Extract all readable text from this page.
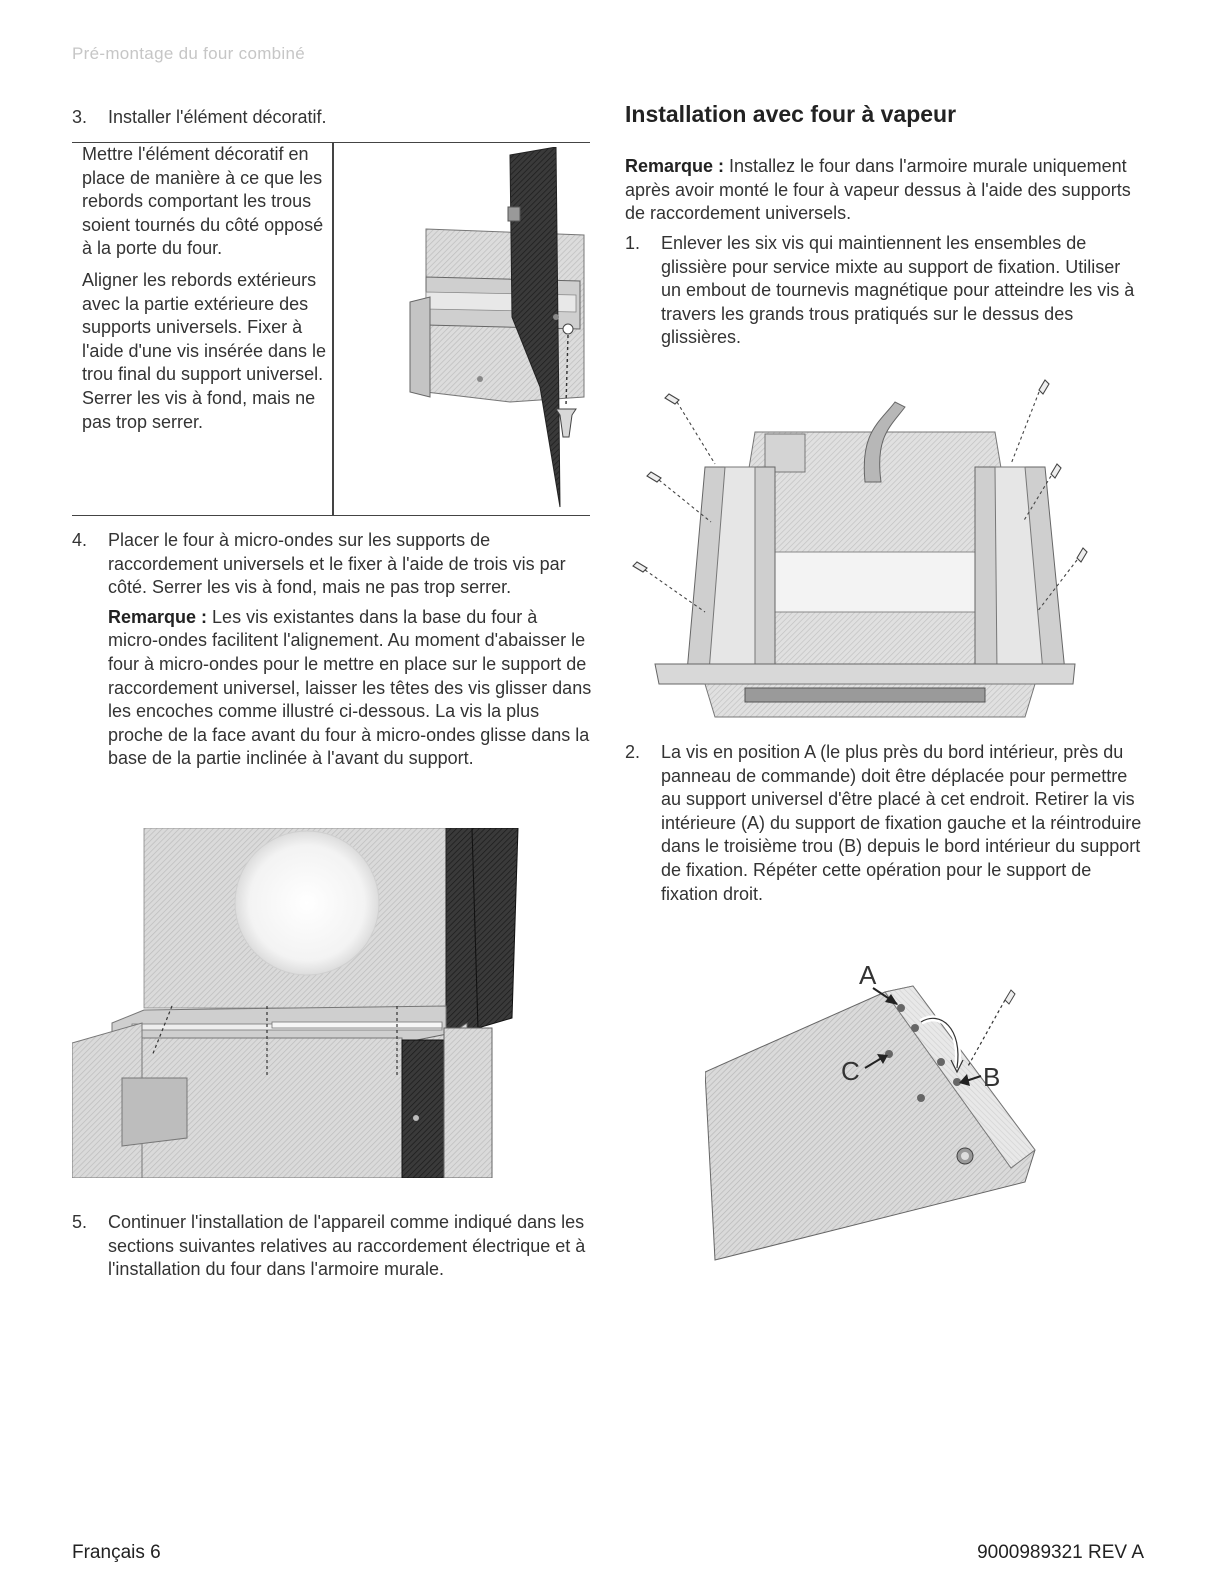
Pré-montage du four combiné
3. Installer l'élément décoratif.

Mettre l'élément décoratif en place de manière à ce que les rebords comportant les trous soient tournés du côté opposé à la porte du four.

Aligner les rebords extérieurs avec la partie extérieure des supports universels. Fixer à l'aide d'une vis insérée dans le trou final du support universel. Serrer les vis à fond, mais ne pas trop serrer.

4. Placer le four à micro-ondes sur les supports de raccordement universels et le fixer à l'aide de trois vis par côté. Serrer les vis à fond, mais ne pas trop serrer.
Remarque : Les vis existantes dans la base du four à micro-ondes facilitent l'alignement. Au moment d'abaisser le four à micro-ondes pour le mettre en place sur le support de raccordement universel, laisser les têtes des vis glisser dans les encoches comme illustré ci-dessous. La vis la plus proche de la face avant du four à micro-ondes glisse dans la base de la partie inclinée à l'avant du support.
5. Continuer l'installation de l'appareil comme indiqué dans les sections suivantes relatives au raccordement électrique et à l'installation du four dans l'armoire murale.
Installation avec four à vapeur
Remarque : Installez le four dans l'armoire murale uniquement après avoir monté le four à vapeur dessus à l'aide des supports de raccordement universels.
1. Enlever les six vis qui maintiennent les ensembles de glissière pour service mixte au support de fixation. Utiliser un embout de tournevis magnétique pour atteindre les vis à travers les grands trous pratiqués sur le dessus des glissières.
2. La vis en position A (le plus près du bord intérieur, près du panneau de commande) doit être déplacée pour permettre au support universel d'être placé à cet endroit. Retirer la vis intérieure (A) du support de fixation gauche et la réintroduire dans le troisième trou (B) depuis le bord intérieur du support de fixation. Répéter cette opération pour le support de fixation droit.
A
B
C
Français 6	9000989321 REV A
